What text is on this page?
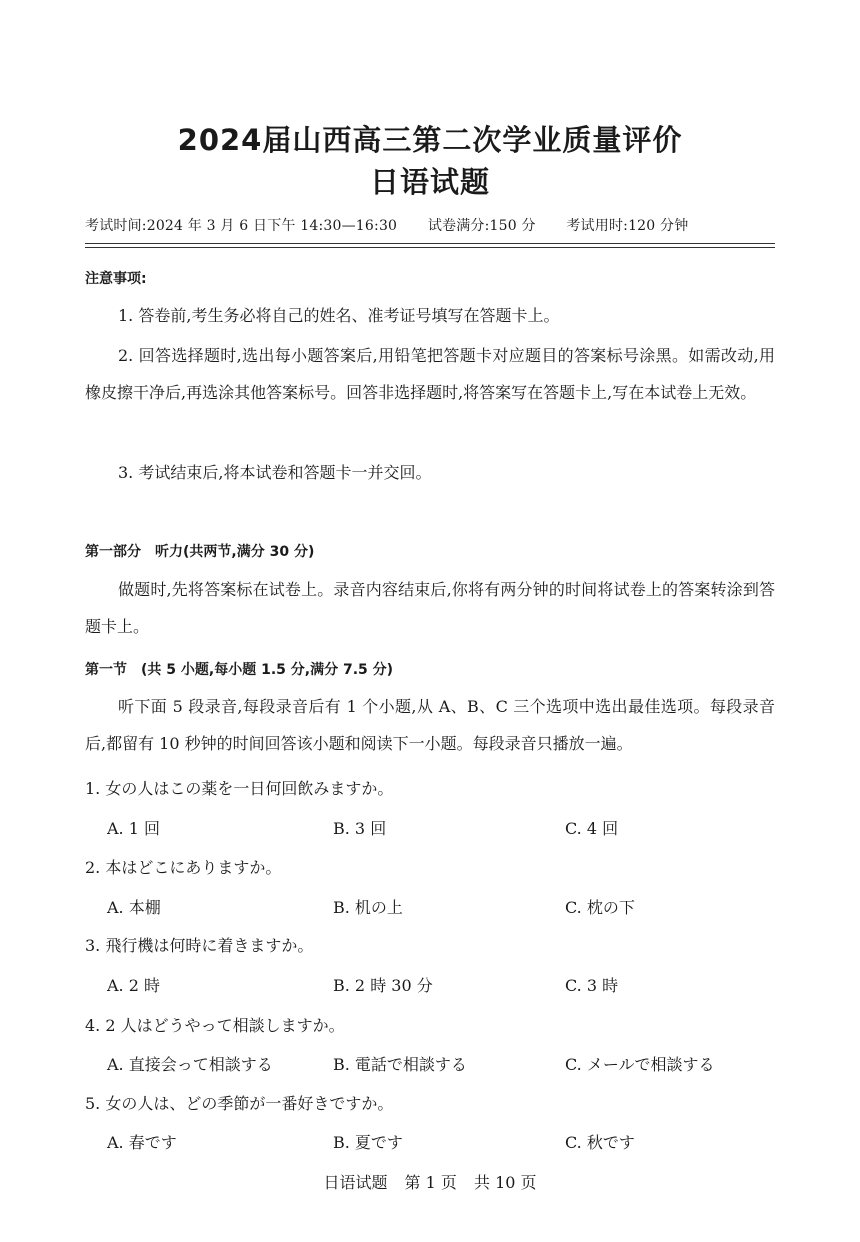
2024届山西高三第二次学业质量评价
日语试题
考试时间:2024 年 3 月 6 日下午 14:30—16:30 试卷满分:150 分 考试用时:120 分钟
注意事项:
1. 答卷前,考生务必将自己的姓名、准考证号填写在答题卡上。
2. 回答选择题时,选出每小题答案后,用铅笔把答题卡对应题目的答案标号涂黑。如需改动,用橡皮擦干净后,再选涂其他答案标号。回答非选择题时,将答案写在答题卡上,写在本试卷上无效。
3. 考试结束后,将本试卷和答题卡一并交回。
第一部分　听力(共两节,满分 30 分)
做题时,先将答案标在试卷上。录音内容结束后,你将有两分钟的时间将试卷上的答案转涂到答题卡上。
第一节　(共 5 小题,每小题 1.5 分,满分 7.5 分)
听下面 5 段录音,每段录音后有 1 个小题,从 A、B、C 三个选项中选出最佳选项。每段录音后,都留有 10 秒钟的时间回答该小题和阅读下一小题。每段录音只播放一遍。
1. 女の人はこの薬を一日何回飲みますか。
A. 1 回	B. 3 回	C. 4 回
2. 本はどこにありますか。
A. 本棚	B. 机の上	C. 枕の下
3. 飛行機は何時に着きますか。
A. 2 時	B. 2 時 30 分	C. 3 時
4. 2 人はどうやって相談しますか。
A. 直接会って相談する	B. 電話で相談する	C. メールで相談する
5. 女の人は、どの季節が一番好きですか。
A. 春です	B. 夏です	C. 秋です
日语试题 第 1 页 共 10 页
